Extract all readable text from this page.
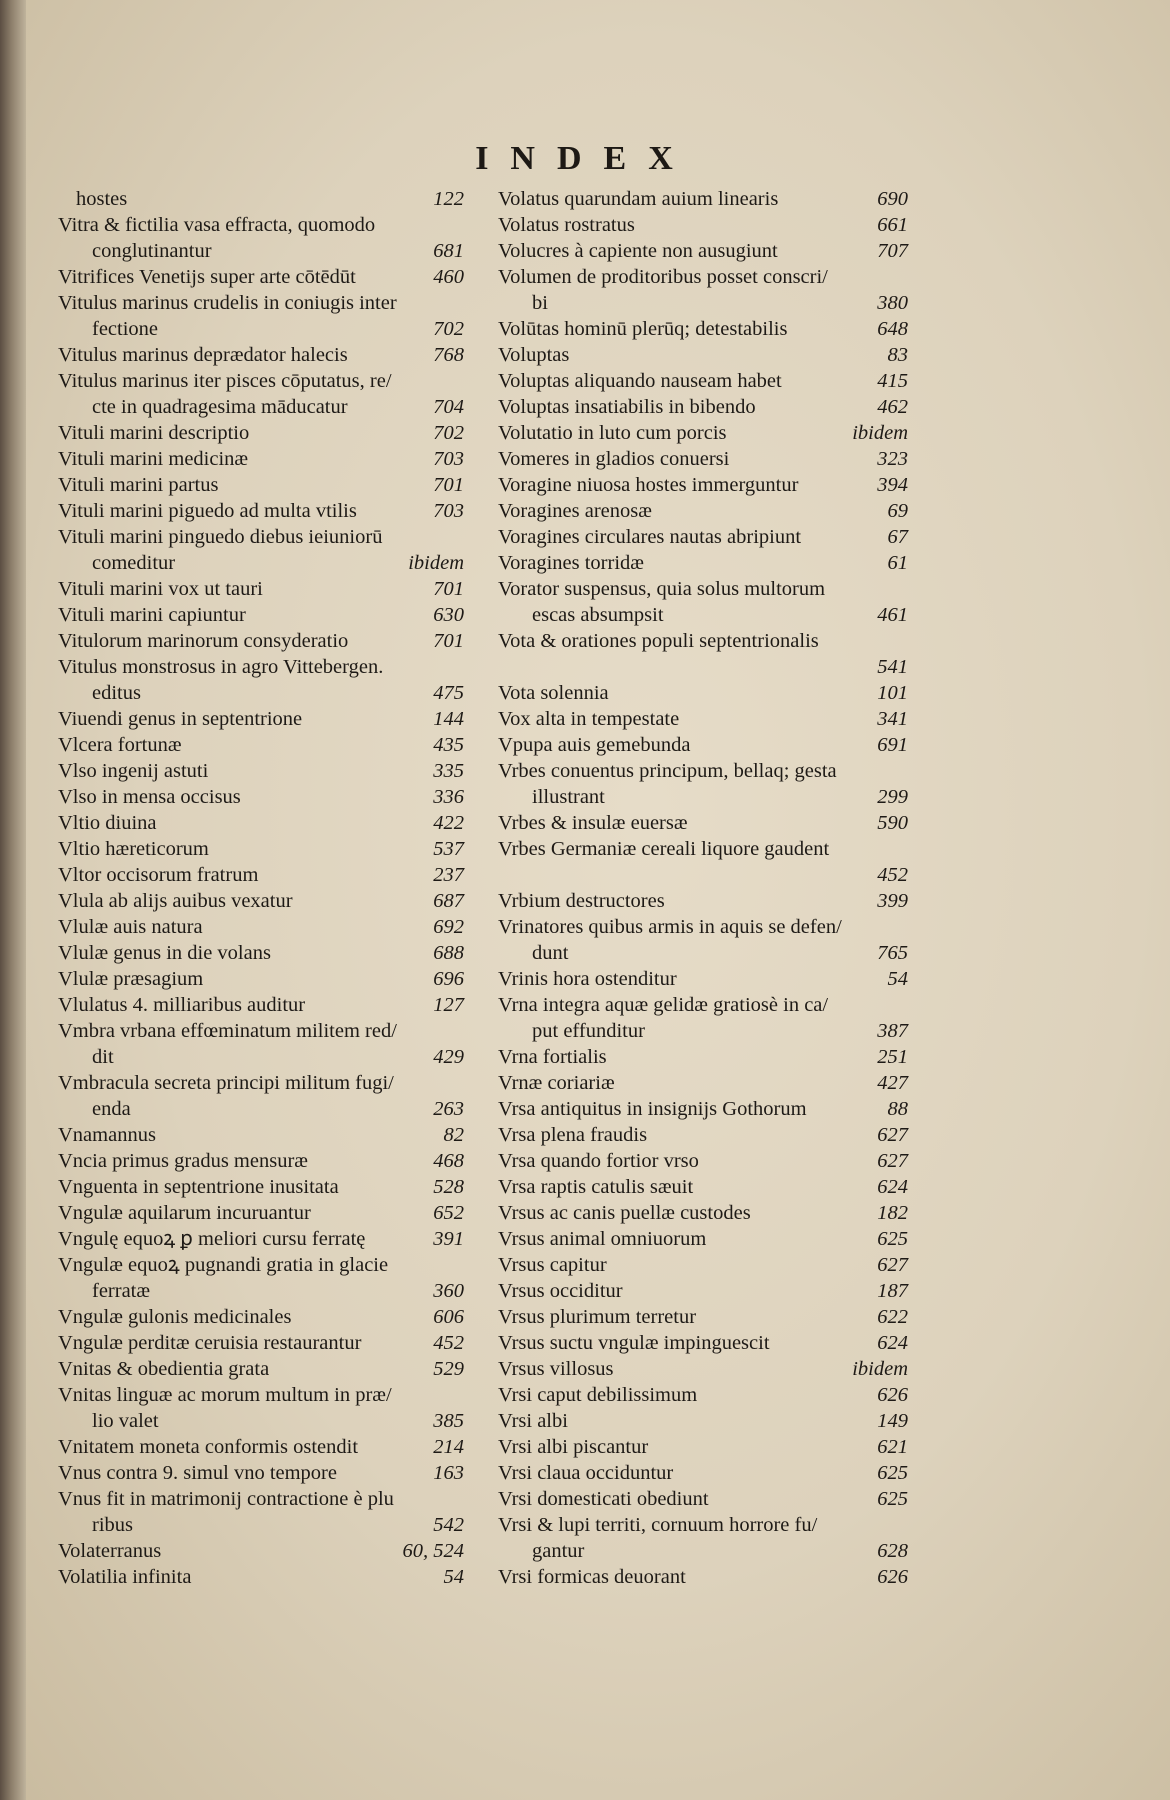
INDEX
hostes	122
Vitra & fictilia vasa effracta, quomodo
conglutinantur	681
Vitrifices Venetijs super arte cōtēdūt	460
Vitulus marinus crudelis in coniugis inter
fectione	702
Vitulus marinus deprædator halecis	768
Vitulus marinus iter pisces cōputatus, re/
cte in quadragesima māducatur	704
Vituli marini descriptio	702
Vituli marini medicinæ	703
Vituli marini partus	701
Vituli marini piguedo ad multa vtilis	703
Vituli marini pinguedo diebus ieiuniorū
comeditur	ibidem
Vituli marini vox ut tauri	701
Vituli marini capiuntur	630
Vitulorum marinorum consyderatio	701
Vitulus monstrosus in agro Vittebergen.
editus	475
Viuendi genus in septentrione	144
Vlcera fortunæ	435
Vlso ingenij astuti	335
Vlso in mensa occisus	336
Vltio diuina	422
Vltio hæreticorum	537
Vltor occisorum fratrum	237
Vlula ab alijs auibus vexatur	687
Vlulæ auis natura	692
Vlulæ genus in die volans	688
Vlulæ præsagium	696
Vlulatus 4. milliaribus auditur	127
Vmbra vrbana effœminatum militem red/
dit	429
Vmbracula secreta principi militum fugi/
enda	263
Vnamannus	82
Vncia primus gradus mensuræ	468
Vnguenta in septentrione inusitata	528
Vngulæ aquilarum incuruantur	652
Vngulę equoꝝ ꝑ meliori cursu ferratę	391
Vngulæ equoꝝ pugnandi gratia in glacie
ferratæ	360
Vngulæ gulonis medicinales	606
Vngulæ perditæ ceruisia restaurantur	452
Vnitas & obedientia grata	529
Vnitas linguæ ac morum multum in præ/
lio valet	385
Vnitatem moneta conformis ostendit	214
Vnus contra 9. simul vno tempore	163
Vnus fit in matrimonij contractione è plu
ribus	542
Volaterranus	60, 524
Volatilia infinita	54
Volatus quarundam auium linearis	690
Volatus rostratus	661
Volucres à capiente non ausugiunt	707
Volumen de proditoribus posset conscri/
bi	380
Volūtas hominū plerūq; detestabilis	648
Voluptas	83
Voluptas aliquando nauseam habet	415
Voluptas insatiabilis in bibendo	462
Volutatio in luto cum porcis	ibidem
Vomeres in gladios conuersi	323
Voragine niuosa hostes immerguntur	394
Voragines arenosæ	69
Voragines circulares nautas abripiunt	67
Voragines torridæ	61
Vorator suspensus, quia solus multorum
escas absumpsit	461
Vota & orationes populi septentrionalis
541
Vota solennia	101
Vox alta in tempestate	341
Vpupa auis gemebunda	691
Vrbes conuentus principum, bellaq; gesta
illustrant	299
Vrbes & insulæ euersæ	590
Vrbes Germaniæ cereali liquore gaudent
452
Vrbium destructores	399
Vrinatores quibus armis in aquis se defen/
dunt	765
Vrinis hora ostenditur	54
Vrna integra aquæ gelidæ gratiosè in ca/
put effunditur	387
Vrna fortialis	251
Vrnæ coriariæ	427
Vrsa antiquitus in insignijs Gothorum	88
Vrsa plena fraudis	627
Vrsa quando fortior vrso	627
Vrsa raptis catulis sæuit	624
Vrsus ac canis puellæ custodes	182
Vrsus animal omniuorum	625
Vrsus capitur	627
Vrsus occiditur	187
Vrsus plurimum terretur	622
Vrsus suctu vngulæ impinguescit	624
Vrsus villosus	ibidem
Vrsi caput debilissimum	626
Vrsi albi	149
Vrsi albi piscantur	621
Vrsi claua occiduntur	625
Vrsi domesticati obediunt	625
Vrsi & lupi territi, cornuum horrore fu/
gantur	628
Vrsi formicas deuorant	626
